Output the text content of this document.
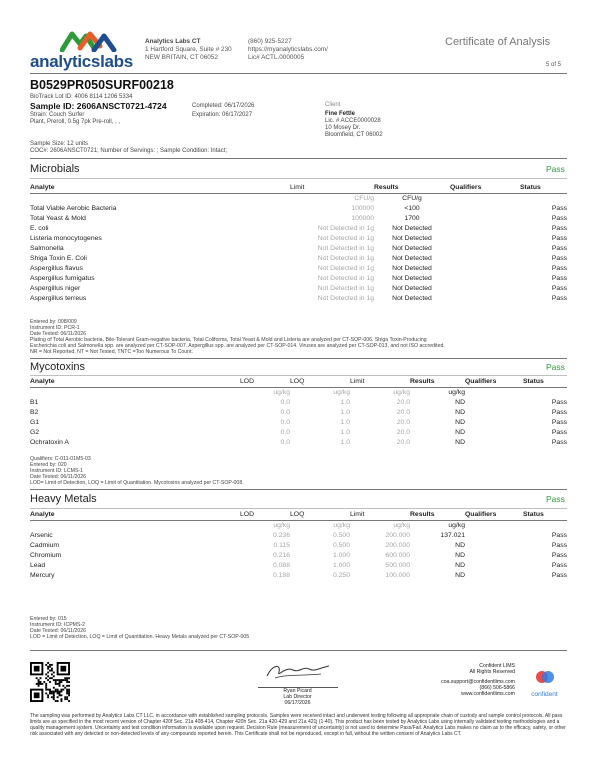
analyticslabs
Analytics Labs CT
1 Hartford Square, Suite # 230
NEW BRITAIN, CT 06052
(860) 925-5227
https://myanalyticslabs.com/
Lic# ACTL.0000005
Certificate of Analysis
5 of 5
B0529PR050SURF00218
BioTrack Lot ID: 4006 8114 1206 5334
Sample ID: 2606ANSCT0721-4724
Strain: Couch Surfer
Plant, Preroll, 0.5g 7pk Pre-roll, , ,
Completed: 06/17/2026
Expiration: 06/17/2027
Client
Fine Fettle
Lic. # ACCE0000028
10 Mosey Dr.
Bloomfield, CT 06002
Sample Size: 12 units
COC#: 2606ANSCT0721; Number of Servings: ; Sample Condition: Intact;
Microbials	Pass
Analyte	Limit	Results	Qualifiers	Status
	CFU/g	CFU/g		
Total Viable Aerobic Bacteria	100000	<100		Pass
Total Yeast & Mold	100000	1700		Pass
E. coli	Not Detected in 1g	Not Detected		Pass
Listeria monocytogenes	Not Detected in 1g	Not Detected		Pass
Salmonella	Not Detected in 1g	Not Detected		Pass
Shiga Toxin E. Coli	Not Detected in 1g	Not Detected		Pass
Aspergillus flavus	Not Detected in 1g	Not Detected		Pass
Aspergillus fumigatus	Not Detected in 1g	Not Detected		Pass
Aspergillus niger	Not Detected in 1g	Not Detected		Pass
Aspergillus terreus	Not Detected in 1g	Not Detected		Pass
Entered by: 008/009
Instrument ID: PCR-1
Date Tested: 06/11/2026
Plating of Total Aerobic bacteria, Bile-Tolerant Gram-negative bacteria, Total Coliforms, Total Yeast & Mold and Listeria are analyzed per CT-SOP-006. Shiga Toxin-Producing
Escherichia coli and Salmonella spp. are analyzed per CT-SOP-007. Aspergillus spp. are analyzed per CT-SOP-014. Viruses are analyzed per CT-SOP-013, and not ISO accredited.
NR = Not Reported, NT = Not Tested, TNTC =Too Numerous To Count.
Mycotoxins	Pass
Analyte	LOD	LOQ	Limit	Results	Qualifiers	Status
	ug/kg	ug/kg	ug/kg	ug/kg		
B1	0.0	1.0	20.0	ND		Pass
B2	0.0	1.0	20.0	ND		Pass
G1	0.0	1.0	20.0	ND		Pass
G2	0.0	1.0	20.0	ND		Pass
Ochratoxin A	0.0	1.0	20.0	ND		Pass
Qualifiers: C-011-01M5-03
Entered by: 020
Instrument ID: LCMS-1
Date Tested: 06/11/2026
LOD= Limit of Detection, LOQ = Limit of Quantitation. Mycotoxins analyzed per CT-SOP-008.
Heavy Metals	Pass
Analyte	LOD	LOQ	Limit	Results	Qualifiers	Status
	ug/kg	ug/kg	ug/kg	ug/kg		
Arsenic	0.236	0.500	200.000	137.021		Pass
Cadmium	0.115	0.500	200.000	ND		Pass
Chromium	0.216	1.000	600.000	ND		Pass
Lead	0.088	1.000	500.000	ND		Pass
Mercury	0.188	0.250	100.000	ND		Pass
Entered by: 015
Instrument ID: ICPMS-2
Date Tested: 06/11/2026
LOD = Limit of Detection, LOQ = Limit of Quantitation. Heavy Metals analyzed per CT-SOP-005
Ryan Picard
Lab Director
06/17/2026
Confident LIMS
All Rights Reserved
coa.support@confidentlims.com
(866) 506-5866
www.confidentlims.com	confident
The sampling was performed by Analytics Labs CT LLC, in accordance with established sampling protocols. Samples were received intact and underwent testing following all appropriate chain of custody and sample control protocols. All pass limits are as specified in the most recent version of Chapter 420f Sec. 21a 408-414, Chapter 420h Sec. 21a 420-429 and 21a 421j (1-40). This product has been tested by Analytics Labs using internally validated testing methodologies and a quality management system. Uncertainty and test condition information is available upon request. Decision Rule (measurement of uncertainty) is not used to determine Pass/Fail. Analytics Labs makes no claim as to the efficacy, safety, or other risk associated with any detected or non-detected levels of any compounds reported herein. This Certificate shall not be reproduced, except in full, without the written consent of Analytics Labs CT.
